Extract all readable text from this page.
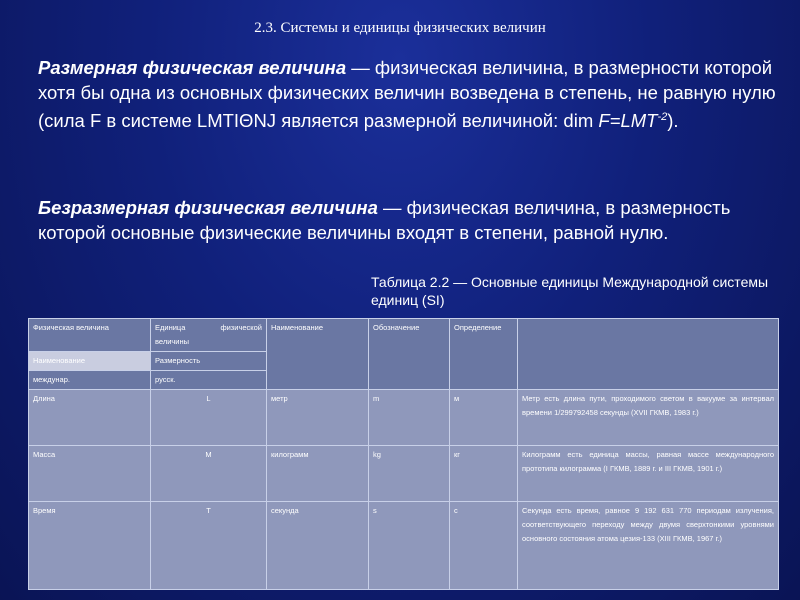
2.3. Системы и единицы физических величин
Размерная физическая величина — физическая величина, в размерности которой хотя бы одна из основных физических величин возведена в степень, не равную нулю (сила F в системе LMTIΘNJ является размерной величиной: dim $F=LMT^{-2}$).
Безразмерная физическая величина — физическая величина, в размерность которой основные физические величины входят в степени, равной нулю.
Таблица 2.2 — Основные единицы Международной системы единиц (SI)
Физическая величина	Единица физической величины	Наименование	Обозначение	Определение	
Наименование	Размерность				
междунар.	русск.				
Длина	L	метр	m	м	Метр есть длина пути, проходимого светом в вакууме за интервал времени 1/299792458 секунды (XVII ГКМВ, 1983 г.)
Масса	M	килограмм	kg	кг	Килограмм есть единица массы, равная массе международного прототипа килограмма (I ГКМВ, 1889 г. и III ГКМВ, 1901 г.)
Время	T	секунда	s	с	Секунда есть время, равное 9 192 631 770 периодам излучения, соответствующего переходу между двумя сверхтонкими уровнями основного состояния атома цезия-133 (XIII ГКМВ, 1967 г.)
